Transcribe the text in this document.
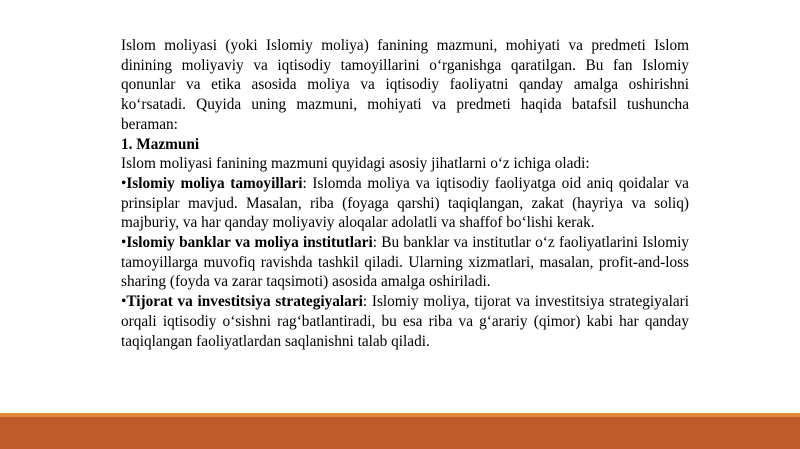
Islom moliyasi (yoki Islomiy moliya) fanining mazmuni, mohiyati va predmeti Islom dinining moliyaviy va iqtisodiy tamoyillarini o‘rganishga qaratilgan. Bu fan Islomiy qonunlar va etika asosida moliya va iqtisodiy faoliyatni qanday amalga oshirishni ko‘rsatadi. Quyida uning mazmuni, mohiyati va predmeti haqida batafsil tushuncha beraman:

1. Mazmuni

Islom moliyasi fanining mazmuni quyidagi asosiy jihatlarni o‘z ichiga oladi:

•Islomiy moliya tamoyillari: Islomda moliya va iqtisodiy faoliyatga oid aniq qoidalar va prinsiplar mavjud. Masalan, riba (foyaga qarshi) taqiqlangan, zakat (hayriya va soliq) majburiy, va har qanday moliyaviy aloqalar adolatli va shaffof bo‘lishi kerak.

•Islomiy banklar va moliya institutlari: Bu banklar va institutlar o‘z faoliyatlarini Islomiy tamoyillarga muvofiq ravishda tashkil qiladi. Ularning xizmatlari, masalan, profit-and-loss sharing (foyda va zarar taqsimoti) asosida amalga oshiriladi.

•Tijorat va investitsiya strategiyalari: Islomiy moliya, tijorat va investitsiya strategiyalari orqali iqtisodiy o‘sishni rag‘batlantiradi, bu esa riba va g‘arariy (qimor) kabi har qanday taqiqlangan faoliyatlardan saqlanishni talab qiladi.
